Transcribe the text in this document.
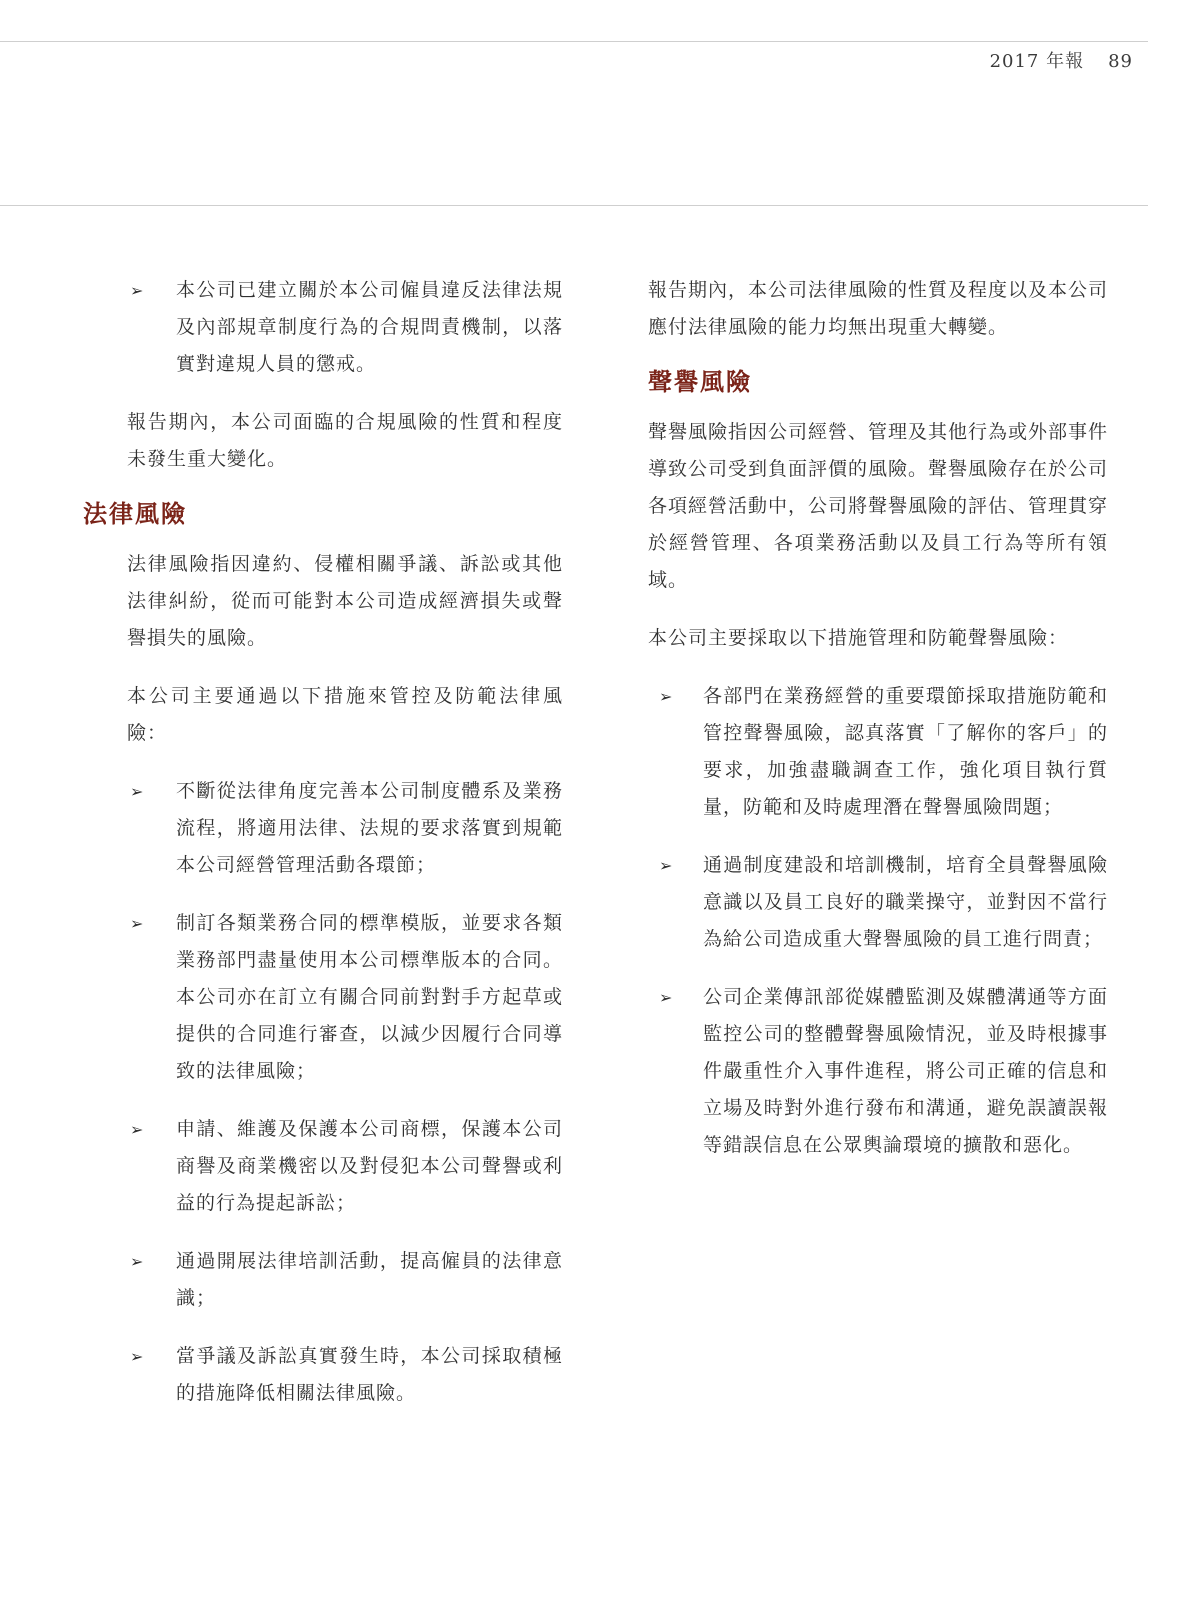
2017 年報 89
➢ 本公司已建立關於本公司僱員違反法律法規及內部規章制度行為的合規問責機制，以落實對違規人員的懲戒。

報告期內，本公司面臨的合規風險的性質和程度未發生重大變化。

法律風險

法律風險指因違約、侵權相關爭議、訴訟或其他法律糾紛，從而可能對本公司造成經濟損失或聲譽損失的風險。

本公司主要通過以下措施來管控及防範法律風險：

➢ 不斷從法律角度完善本公司制度體系及業務流程，將適用法律、法規的要求落實到規範本公司經營管理活動各環節；
➢ 制訂各類業務合同的標準模版，並要求各類業務部門盡量使用本公司標準版本的合同。本公司亦在訂立有關合同前對對手方起草或提供的合同進行審查，以減少因履行合同導致的法律風險；
➢ 申請、維護及保護本公司商標，保護本公司商譽及商業機密以及對侵犯本公司聲譽或利益的行為提起訴訟；
➢ 通過開展法律培訓活動，提高僱員的法律意識；
➢ 當爭議及訴訟真實發生時，本公司採取積極的措施降低相關法律風險。

報告期內，本公司法律風險的性質及程度以及本公司應付法律風險的能力均無出現重大轉變。

聲譽風險

聲譽風險指因公司經營、管理及其他行為或外部事件導致公司受到負面評價的風險。聲譽風險存在於公司各項經營活動中，公司將聲譽風險的評估、管理貫穿於經營管理、各項業務活動以及員工行為等所有領域。

本公司主要採取以下措施管理和防範聲譽風險：

➢ 各部門在業務經營的重要環節採取措施防範和管控聲譽風險，認真落實「了解你的客戶」的要求，加強盡職調查工作，強化項目執行質量，防範和及時處理潛在聲譽風險問題；
➢ 通過制度建設和培訓機制，培育全員聲譽風險意識以及員工良好的職業操守，並對因不當行為給公司造成重大聲譽風險的員工進行問責；
➢ 公司企業傳訊部從媒體監測及媒體溝通等方面監控公司的整體聲譽風險情況，並及時根據事件嚴重性介入事件進程，將公司正確的信息和立場及時對外進行發布和溝通，避免誤讀誤報等錯誤信息在公眾輿論環境的擴散和惡化。
